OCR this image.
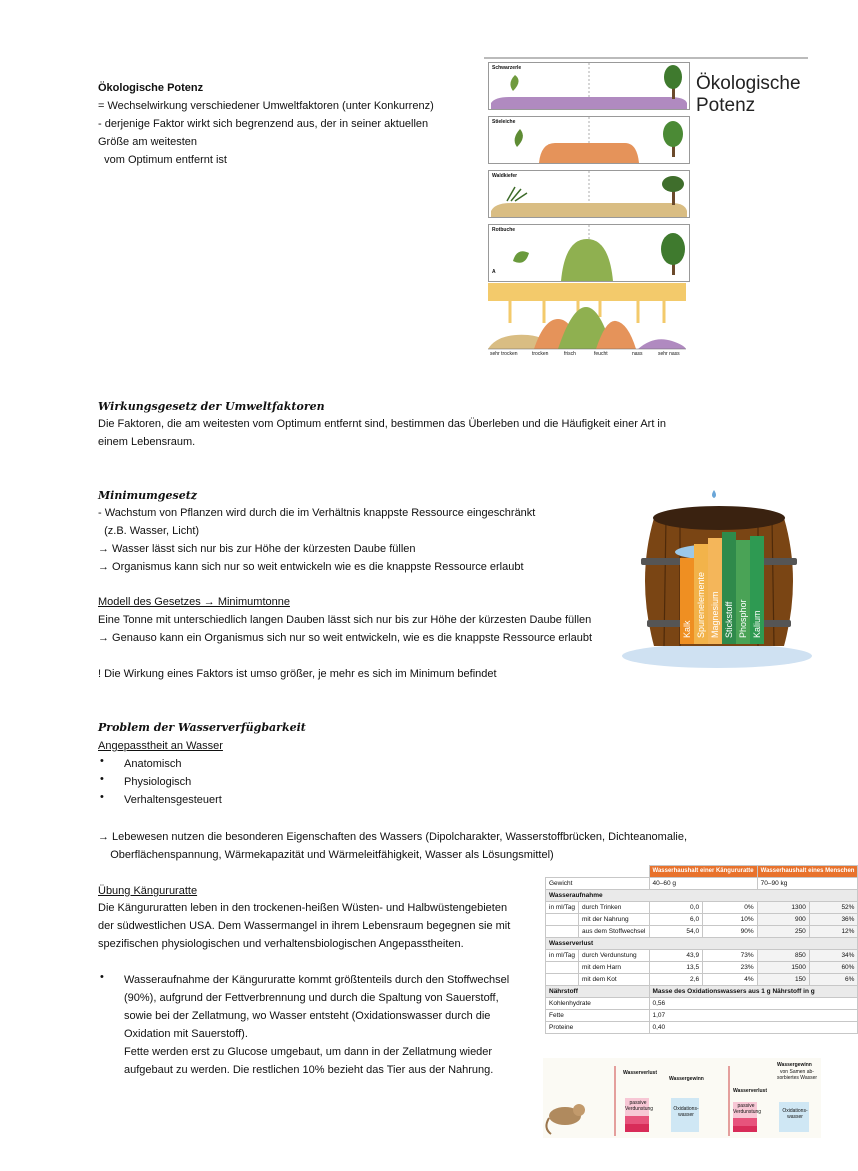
Ökologische Potenz
= Wechselwirkung verschiedener Umweltfaktoren (unter Konkurrenz)
- derjenige Faktor wirkt sich begrenzend aus, der in seiner aktuellen
Größe am weitesten
vom Optimum entfernt ist
Ökologische
Potenz
Schwarzerle
Stieleiche
Waldkiefer
Rotbuche
A
sehr trocken	trocken	frisch	feucht	nass	sehr nass
Wirkungsgesetz der Umweltfaktoren
Die Faktoren, die am weitesten vom Optimum entfernt sind, bestimmen das Überleben und die Häufigkeit einer Art in
einem Lebensraum.
Minimumgesetz
- Wachstum von Pflanzen wird durch die im Verhältnis knappste Ressource eingeschränkt
(z.B. Wasser, Licht)
→ Wasser lässt sich nur bis zur Höhe der kürzesten Daube füllen
→ Organismus kann sich nur so weit entwickeln wie es die knappste Ressource erlaubt
Modell des Gesetzes → Minimumtonne
Eine Tonne mit unterschiedlich langen Dauben lässt sich nur bis zur Höhe der kürzesten Daube füllen
→ Genauso kann ein Organismus sich nur so weit entwickeln, wie es die knappste Ressource erlaubt
! Die Wirkung eines Faktors ist umso größer, je mehr es sich im Minimum befindet
Kalk Spurenelemente Magnesium Stickstoff Phosphor Kalium
Problem der Wasserverfügbarkeit
Angepasstheit an Wasser
• Anatomisch
• Physiologisch
• Verhaltensgesteuert
→ Lebewesen nutzen die besonderen Eigenschaften des Wassers (Dipolcharakter, Wasserstoffbrücken, Dichteanomalie,
Oberflächenspannung, Wärmekapazität und Wärmeleitfähigkeit, Wasser als Lösungsmittel)
Übung Kängururatte
Die Kängururatten leben in den trockenen-heißen Wüsten- und Halbwüstengebieten
der südwestlichen USA. Dem Wassermangel in ihrem Lebensraum begegnen sie mit
spezifischen physiologischen und verhaltensbiologischen Angepasstheiten.
• Wasseraufnahme der Kängururatte kommt größtenteils durch den Stoffwechsel
(90%), aufgrund der Fettverbrennung und durch die Spaltung von Sauerstoff,
sowie bei der Zellatmung, wo Wasser entsteht (Oxidationswasser durch die
Oxidation mit Sauerstoff).
Fette werden erst zu Glucose umgebaut, um dann in der Zellatmung wieder
aufgebaut zu werden. Die restlichen 10% bezieht das Tier aus der Nahrung.
		Wasserhaushalt einer Kängururatte		Wasserhaushalt eines Menschen	
Gewicht		40–60 g		70–90 kg	
Wasseraufnahme					
in ml/Tag	durch Trinken	0,0	0%	1300	52%
	mit der Nahrung	6,0	10%	900	36%
	aus dem Stoffwechsel	54,0	90%	250	12%
Wasserverlust					
in ml/Tag	durch Verdunstung	43,9	73%	850	34%
	mit dem Harn	13,5	23%	1500	60%
	mit dem Kot	2,6	4%	150	6%
Nährstoff		Masse des Oxidationswassers aus 1 g Nährstoff in g			
Kohlenhydrate		0,56			
Fette		1,07			
Proteine		0,40			
Wasserverlust
Wassergewinn
passive Verdunstung	Oxidations-wasser
Wasserverlust
Wassergewinn
von Samen ab-sorbiertes Wasser
passive Verdunstung	Oxidations-wasser
